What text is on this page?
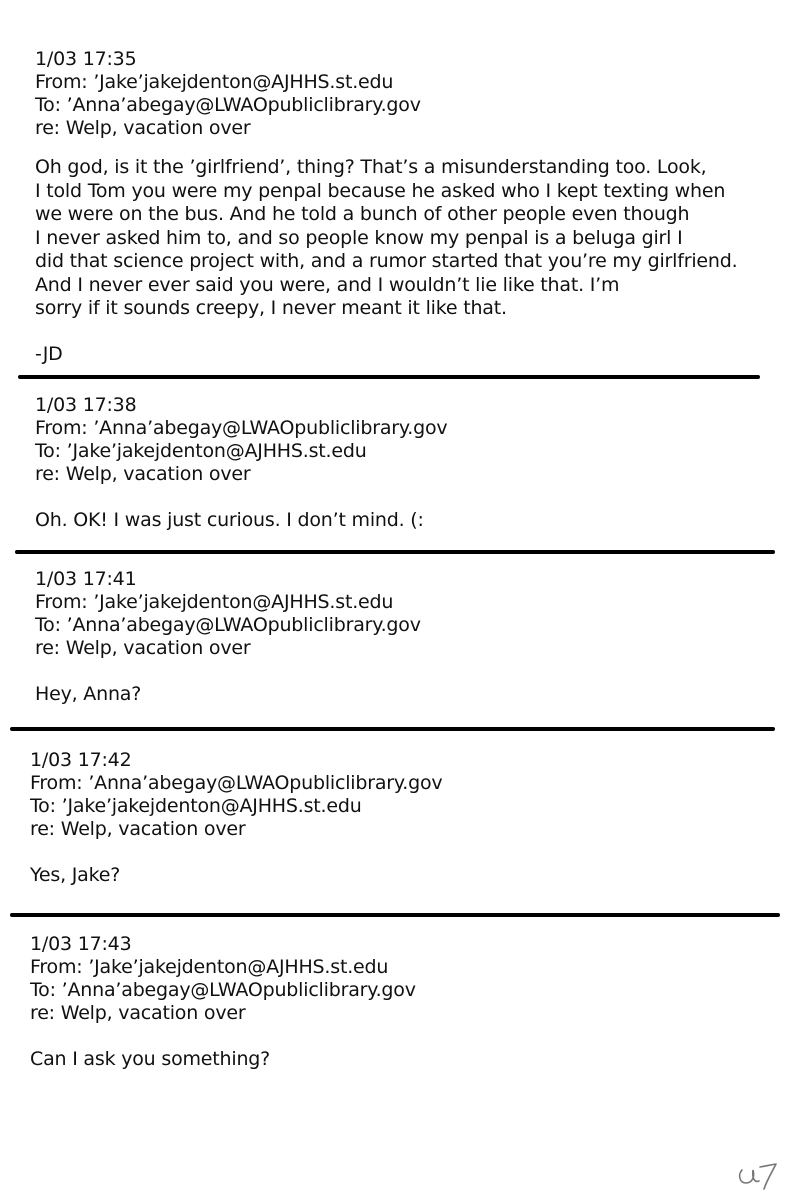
1/03 17:35
From: ’Jake’jakejdenton@AJHHS.st.edu
To: ’Anna’abegay@LWAOpubliclibrary.gov
re: Welp, vacation over
Oh god, is it the ’girlfriend’, thing? That’s a misunderstanding too. Look,
I told Tom you were my penpal because he asked who I kept texting when
we were on the bus. And he told a bunch of other people even though
I never asked him to, and so people know my penpal is a beluga girl I
did that science project with, and a rumor started that you’re my girlfriend.
And I never ever said you were, and I wouldn’t lie like that. I’m
sorry if it sounds creepy, I never meant it like that.
-JD
1/03 17:38
From: ’Anna’abegay@LWAOpubliclibrary.gov
To: ’Jake’jakejdenton@AJHHS.st.edu
re: Welp, vacation over
Oh. OK! I was just curious. I don’t mind. (:
1/03 17:41
From: ’Jake’jakejdenton@AJHHS.st.edu
To: ’Anna’abegay@LWAOpubliclibrary.gov
re: Welp, vacation over
Hey, Anna?
1/03 17:42
From: ’Anna’abegay@LWAOpubliclibrary.gov
To: ’Jake’jakejdenton@AJHHS.st.edu
re: Welp, vacation over
Yes, Jake?
1/03 17:43
From: ’Jake’jakejdenton@AJHHS.st.edu
To: ’Anna’abegay@LWAOpubliclibrary.gov
re: Welp, vacation over
Can I ask you something?
